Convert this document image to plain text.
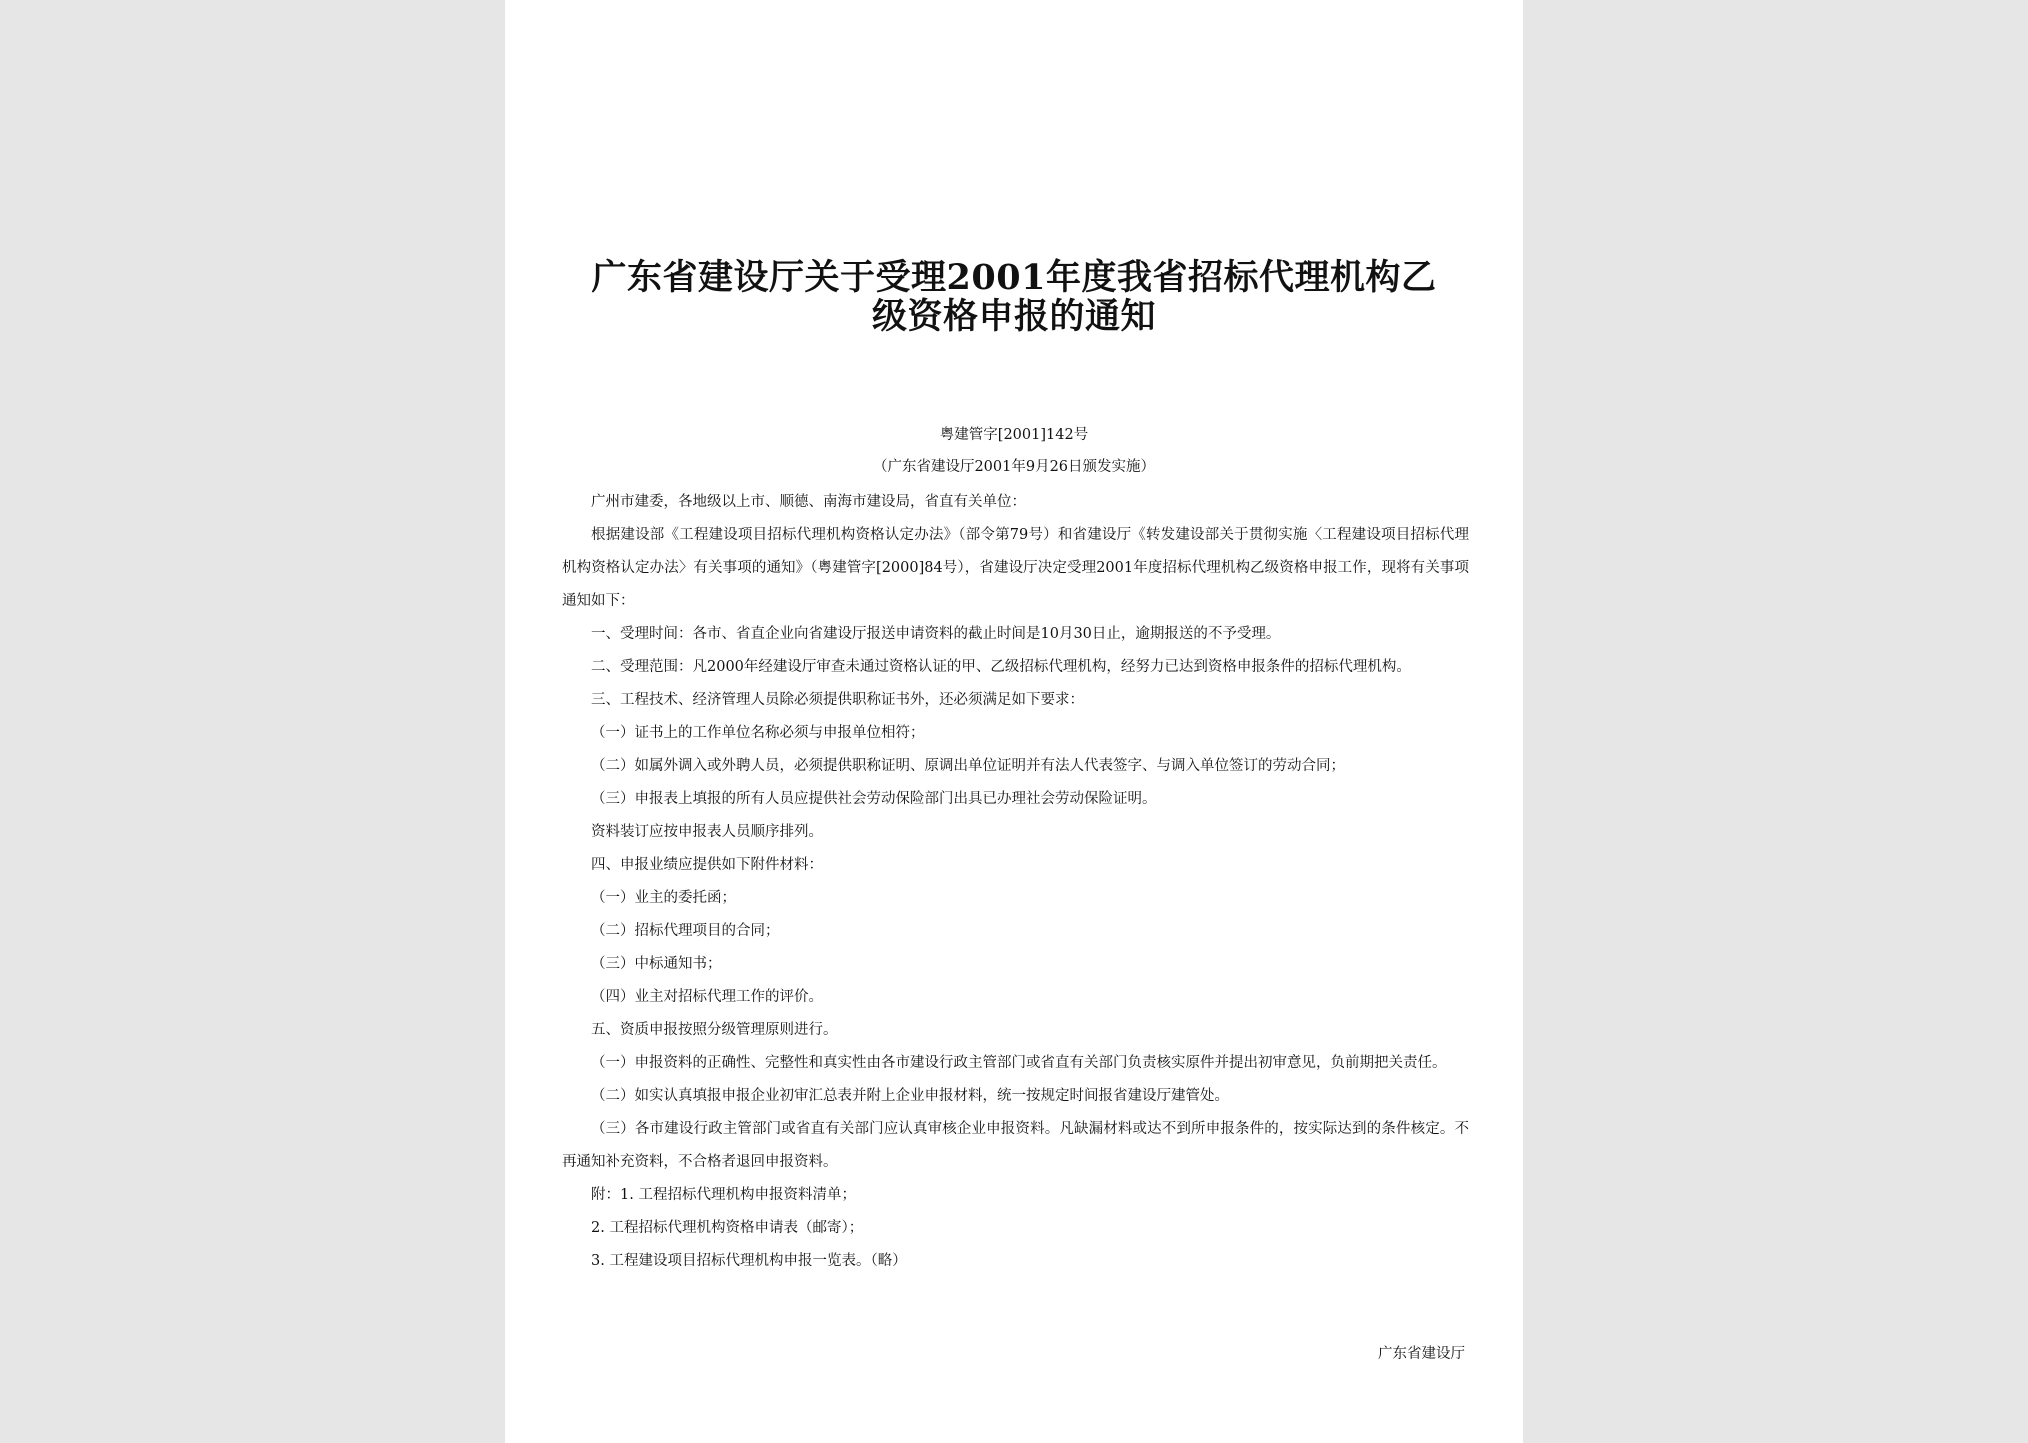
广东省建设厅关于受理2001年度我省招标代理机构乙
级资格申报的通知
粤建管字[2001]142号
（广东省建设厅2001年9月26日颁发实施）

广州市建委，各地级以上市、顺德、南海市建设局，省直有关单位：

根据建设部《工程建设项目招标代理机构资格认定办法》（部令第79号）和省建设厅《转发建设部关于贯彻实施〈工程建设项目招标代理机构资格认定办法〉有关事项的通知》（粤建管字[2000]84号），省建设厅决定受理2001年度招标代理机构乙级资格申报工作，现将有关事项通知如下：

一、受理时间：各市、省直企业向省建设厅报送申请资料的截止时间是10月30日止，逾期报送的不予受理。

二、受理范围：凡2000年经建设厅审查未通过资格认证的甲、乙级招标代理机构，经努力已达到资格申报条件的招标代理机构。

三、工程技术、经济管理人员除必须提供职称证书外，还必须满足如下要求：

（一）证书上的工作单位名称必须与申报单位相符；

（二）如属外调入或外聘人员，必须提供职称证明、原调出单位证明并有法人代表签字、与调入单位签订的劳动合同；

（三）申报表上填报的所有人员应提供社会劳动保险部门出具已办理社会劳动保险证明。

资料装订应按申报表人员顺序排列。

四、申报业绩应提供如下附件材料：

（一）业主的委托函；

（二）招标代理项目的合同；

（三）中标通知书；

（四）业主对招标代理工作的评价。

五、资质申报按照分级管理原则进行。

（一）申报资料的正确性、完整性和真实性由各市建设行政主管部门或省直有关部门负责核实原件并提出初审意见，负前期把关责任。

（二）如实认真填报申报企业初审汇总表并附上企业申报材料，统一按规定时间报省建设厅建管处。

（三）各市建设行政主管部门或省直有关部门应认真审核企业申报资料。凡缺漏材料或达不到所申报条件的，按实际达到的条件核定。不再通知补充资料，不合格者退回申报资料。

附：1. 工程招标代理机构申报资料清单；

2. 工程招标代理机构资格申请表（邮寄）；

3. 工程建设项目招标代理机构申报一览表。（略）

广东省建设厅
